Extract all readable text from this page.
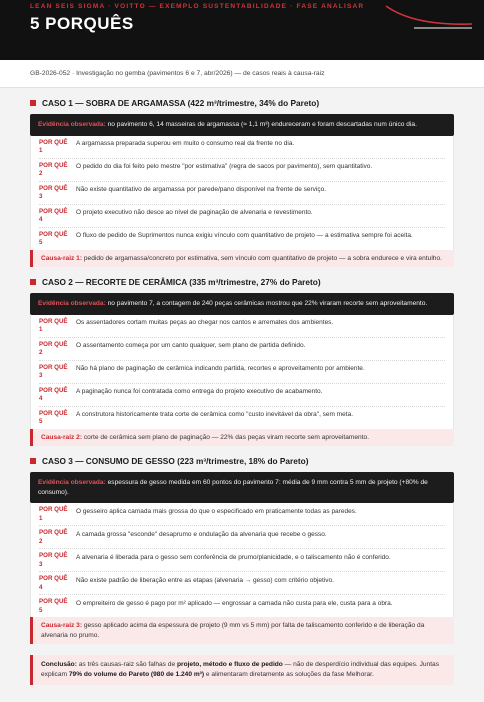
LEAN SEIS SIGMA · VOITTO — EXEMPLO SUSTENTABILIDADE · FASE ANALISAR
5 PORQUÊS
GB-2026-052 · Investigação no gemba (pavimentos 6 e 7, abr/2026) — de casos reais à causa-raiz
CASO 1 — SOBRA DE ARGAMASSA (422 m³/trimestre, 34% do Pareto)
Evidência observada: no pavimento 6, 14 masseiras de argamassa (≈ 1,1 m³) endureceram e foram descartadas num único dia.
POR QUÊ
1
A argamassa preparada superou em muito o consumo real da frente no dia.
POR QUÊ
2
O pedido do dia foi feito pelo mestre "por estimativa" (regra de sacos por pavimento), sem quantitativo.
POR QUÊ
3
Não existe quantitativo de argamassa por parede/pano disponível na frente de serviço.
POR QUÊ
4
O projeto executivo não desce ao nível de paginação de alvenaria e revestimento.
POR QUÊ
5
O fluxo de pedido de Suprimentos nunca exigiu vínculo com quantitativo de projeto — a estimativa sempre foi aceita.
Causa-raiz 1: pedido de argamassa/concreto por estimativa, sem vínculo com quantitativo de projeto — a sobra endurece e vira entulho.
CASO 2 — RECORTE DE CERÂMICA (335 m³/trimestre, 27% do Pareto)
Evidência observada: no pavimento 7, a contagem de 240 peças cerâmicas mostrou que 22% viraram recorte sem aproveitamento.
POR QUÊ
1
Os assentadores cortam muitas peças ao chegar nos cantos e arremates dos ambientes.
POR QUÊ
2
O assentamento começa por um canto qualquer, sem plano de partida definido.
POR QUÊ
3
Não há plano de paginação de cerâmica indicando partida, recortes e aproveitamento por ambiente.
POR QUÊ
4
A paginação nunca foi contratada como entrega do projeto executivo de acabamento.
POR QUÊ
5
A construtora historicamente trata corte de cerâmica como "custo inevitável da obra", sem meta.
Causa-raiz 2: corte de cerâmica sem plano de paginação — 22% das peças viram recorte sem aproveitamento.
CASO 3 — CONSUMO DE GESSO (223 m³/trimestre, 18% do Pareto)
Evidência observada: espessura de gesso medida em 60 pontos do pavimento 7: média de 9 mm contra 5 mm de projeto (+80% de consumo).
POR QUÊ
1
O gesseiro aplica camada mais grossa do que o especificado em praticamente todas as paredes.
POR QUÊ
2
A camada grossa "esconde" desaprumo e ondulação da alvenaria que recebe o gesso.
POR QUÊ
3
A alvenaria é liberada para o gesso sem conferência de prumo/planicidade, e o taliscamento não é conferido.
POR QUÊ
4
Não existe padrão de liberação entre as etapas (alvenaria → gesso) com critério objetivo.
POR QUÊ
5
O empreiteiro de gesso é pago por m² aplicado — engrossar a camada não custa para ele, custa para a obra.
Causa-raiz 3: gesso aplicado acima da espessura de projeto (9 mm vs 5 mm) por falta de taliscamento conferido e de liberação da alvenaria no prumo.
Conclusão: as três causas-raiz são falhas de projeto, método e fluxo de pedido — não de desperdício individual das equipes. Juntas explicam 79% do volume do Pareto (980 de 1.240 m³) e alimentaram diretamente as soluções da fase Melhorar.
